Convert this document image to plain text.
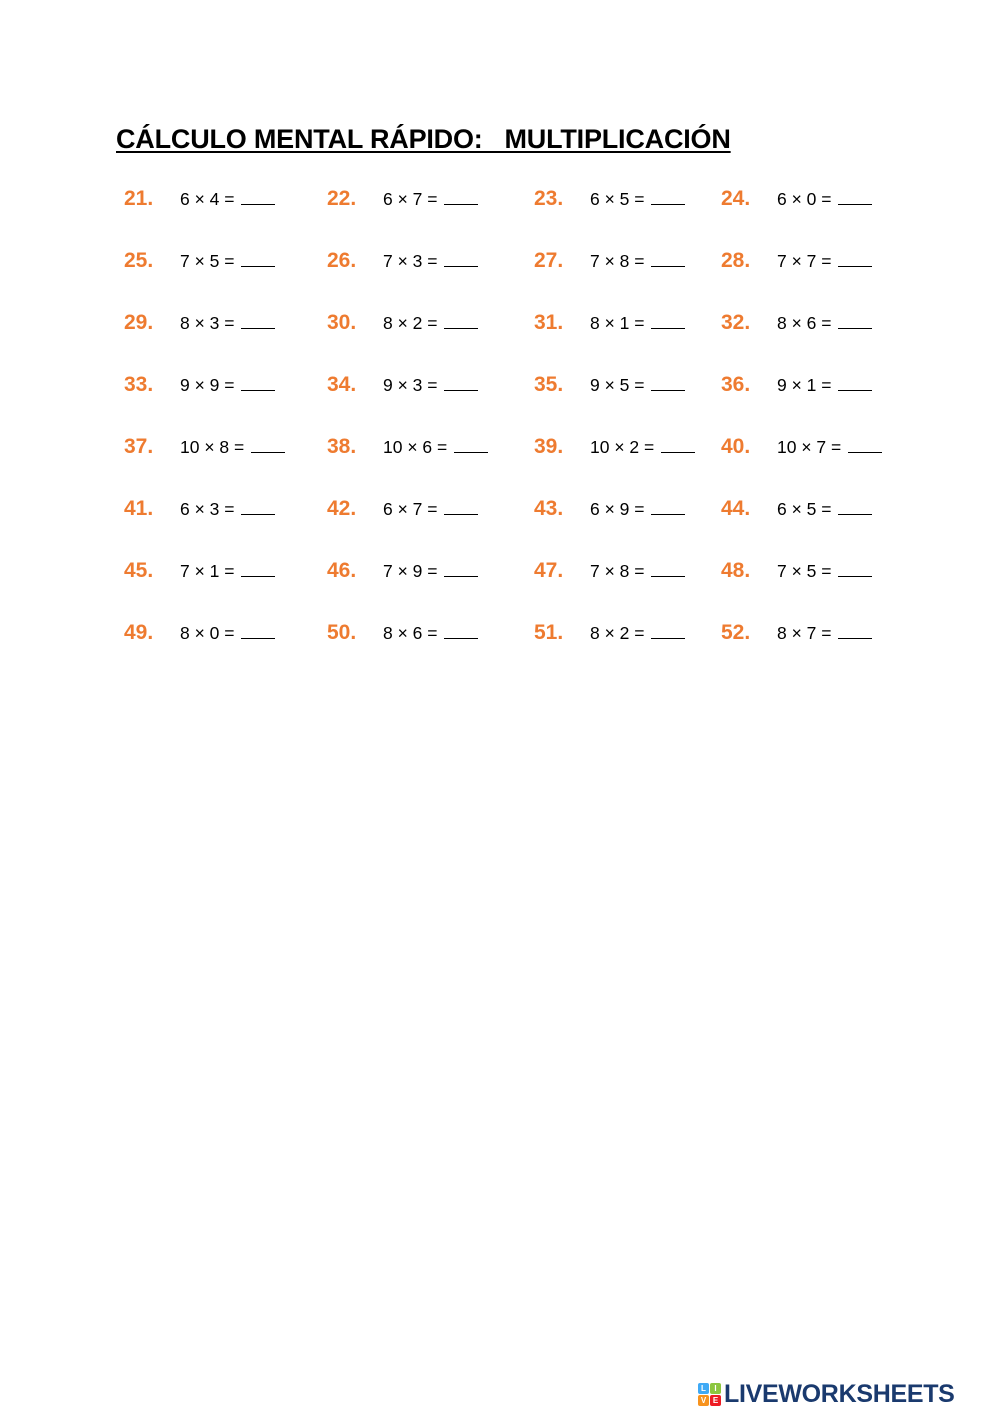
CÁLCULO MENTAL RÁPIDO:   MULTIPLICACIÓN
21. 6 × 4 =	22. 6 × 7 =	23. 6 × 5 =	24. 6 × 0 =
25. 7 × 5 =	26. 7 × 3 =	27. 7 × 8 =	28. 7 × 7 =
29. 8 × 3 =	30. 8 × 2 =	31. 8 × 1 =	32. 8 × 6 =
33. 9 × 9 =	34. 9 × 3 =	35. 9 × 5 =	36. 9 × 1 =
37. 10 × 8 =	38. 10 × 6 =	39. 10 × 2 =	40. 10 × 7 =
41. 6 × 3 =	42. 6 × 7 =	43. 6 × 9 =	44. 6 × 5 =
45. 7 × 1 =	46. 7 × 9 =	47. 7 × 8 =	48. 7 × 5 =
49. 8 × 0 =	50. 8 × 6 =	51. 8 × 2 =	52. 8 × 7 =
L	I
V E LIVEWORKSHEETS
